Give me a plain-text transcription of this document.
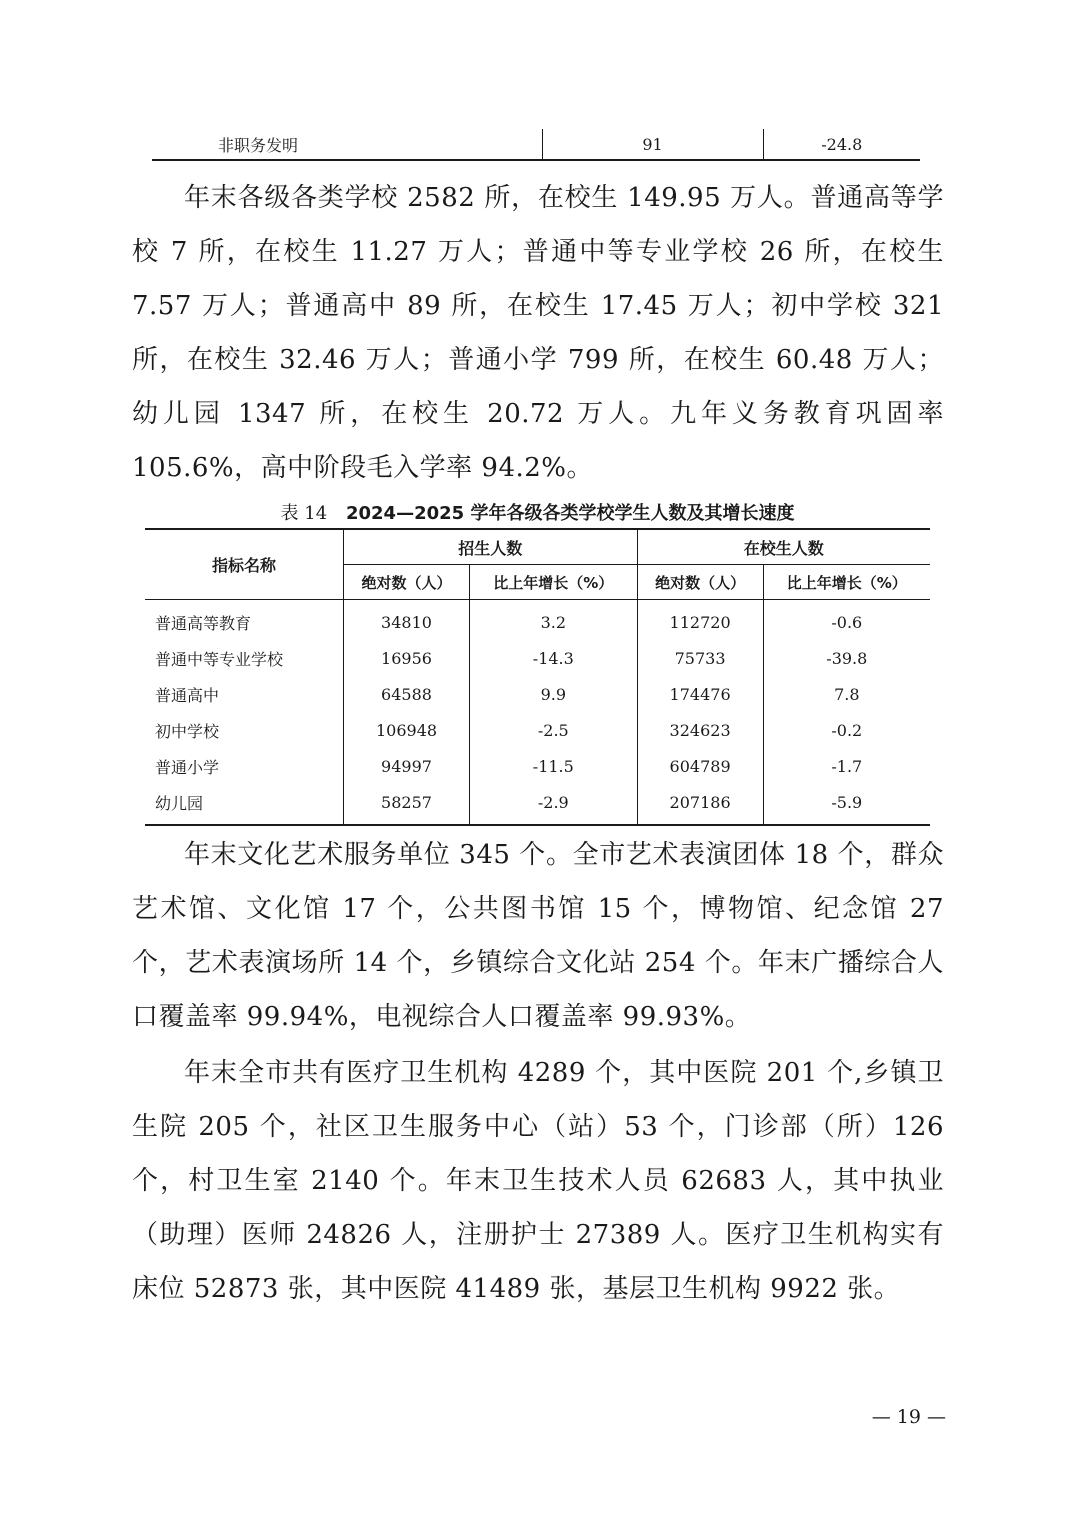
非职务发明	91	-24.8

年末各级各类学校 2582 所，在校生 149.95 万人。普通高等学校 7 所，在校生 11.27 万人；普通中等专业学校 26 所，在校生 7.57 万人；普通高中 89 所，在校生 17.45 万人；初中学校 321 所，在校生 32.46 万人；普通小学 799 所，在校生 60.48 万人；幼儿园 1347 所，在校生 20.72 万人。九年义务教育巩固率 105.6%，高中阶段毛入学率 94.2%。

表 14 2024—2025 学年各级各类学校学生人数及其增长速度
指标名称	招生人数		在校生人数	
	绝对数（人）	比上年增长（%）	绝对数（人）	比上年增长（%）
普通高等教育	34810	3.2	112720	-0.6
普通中等专业学校	16956	-14.3	75733	-39.8
普通高中	64588	9.9	174476	7.8
初中学校	106948	-2.5	324623	-0.2
普通小学	94997	-11.5	604789	-1.7
幼儿园	58257	-2.9	207186	-5.9

年末文化艺术服务单位 345 个。全市艺术表演团体 18 个，群众艺术馆、文化馆 17 个，公共图书馆 15 个，博物馆、纪念馆 27 个，艺术表演场所 14 个，乡镇综合文化站 254 个。年末广播综合人口覆盖率 99.94%，电视综合人口覆盖率 99.93%。

年末全市共有医疗卫生机构 4289 个，其中医院 201 个,乡镇卫生院 205 个，社区卫生服务中心（站）53 个，门诊部（所）126 个，村卫生室 2140 个。年末卫生技术人员 62683 人，其中执业（助理）医师 24826 人，注册护士 27389 人。医疗卫生机构实有床位 52873 张，其中医院 41489 张，基层卫生机构 9922 张。

— 19 —
